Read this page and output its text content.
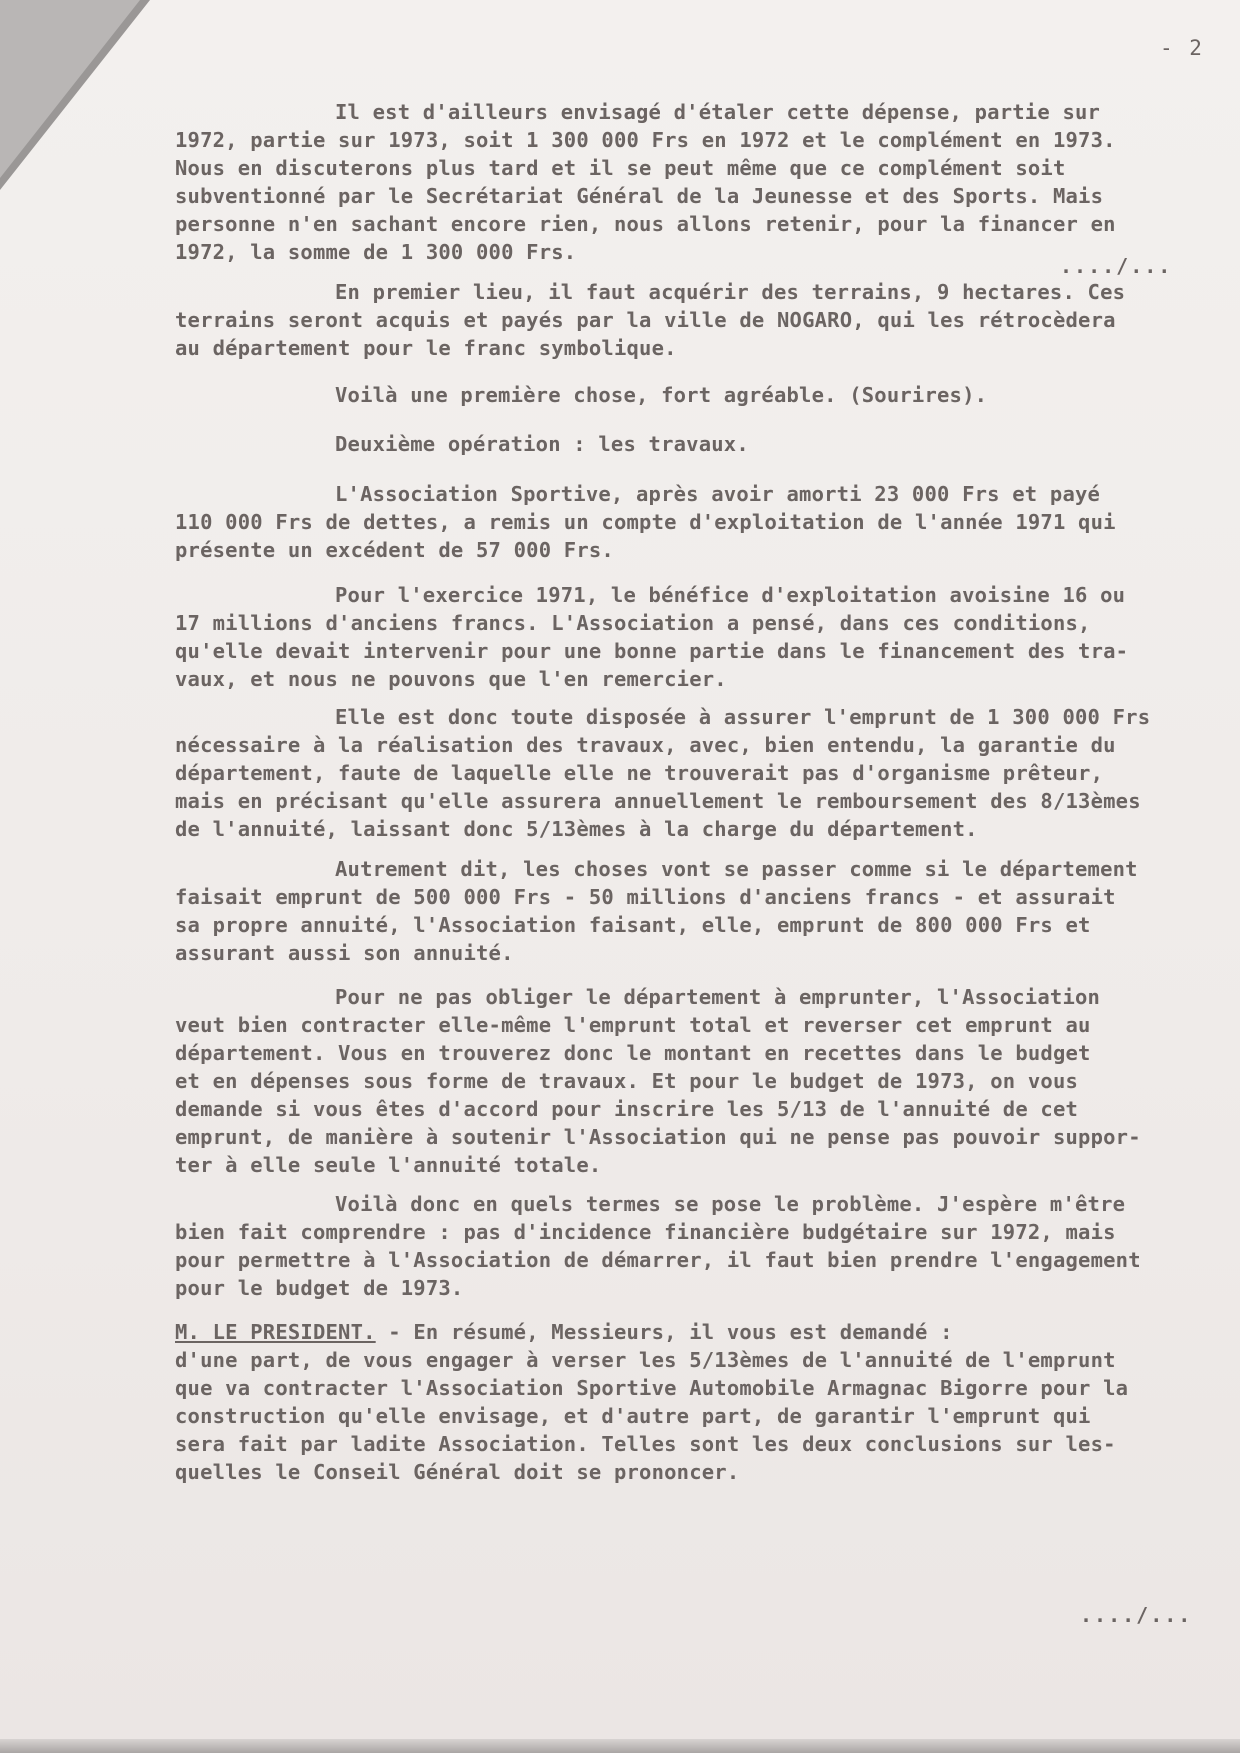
- 2
Il est d'ailleurs envisagé d'étaler cette dépense, partie sur
1972, partie sur 1973, soit 1 300 000 Frs en 1972 et le complément en 1973.
Nous en discuterons plus tard et il se peut même que ce complément soit
subventionné par le Secrétariat Général de la Jeunesse et des Sports. Mais
personne n'en sachant encore rien, nous allons retenir, pour la financer en
1972, la somme de 1 300 000 Frs.
..../...
En premier lieu, il faut acquérir des terrains, 9 hectares. Ces
terrains seront acquis et payés par la ville de NOGARO, qui les rétrocèdera
au département pour le franc symbolique.
Voilà une première chose, fort agréable. (Sourires).
Deuxième opération : les travaux.
L'Association Sportive, après avoir amorti 23 000 Frs et payé
110 000 Frs de dettes, a remis un compte d'exploitation de l'année 1971 qui
présente un excédent de 57 000 Frs.
Pour l'exercice 1971, le bénéfice d'exploitation avoisine 16 ou
17 millions d'anciens francs. L'Association a pensé, dans ces conditions,
qu'elle devait intervenir pour une bonne partie dans le financement des tra-
vaux, et nous ne pouvons que l'en remercier.
Elle est donc toute disposée à assurer l'emprunt de 1 300 000 Frs
nécessaire à la réalisation des travaux, avec, bien entendu, la garantie du
département, faute de laquelle elle ne trouverait pas d'organisme prêteur,
mais en précisant qu'elle assurera annuellement le remboursement des 8/13èmes
de l'annuité, laissant donc 5/13èmes à la charge du département.
Autrement dit, les choses vont se passer comme si le département
faisait emprunt de 500 000 Frs - 50 millions d'anciens francs - et assurait
sa propre annuité, l'Association faisant, elle, emprunt de 800 000 Frs et
assurant aussi son annuité.
Pour ne pas obliger le département à emprunter, l'Association
veut bien contracter elle-même l'emprunt total et reverser cet emprunt au
département. Vous en trouverez donc le montant en recettes dans le budget
et en dépenses sous forme de travaux. Et pour le budget de 1973, on vous
demande si vous êtes d'accord pour inscrire les 5/13 de l'annuité de cet
emprunt, de manière à soutenir l'Association qui ne pense pas pouvoir suppor-
ter à elle seule l'annuité totale.
Voilà donc en quels termes se pose le problème. J'espère m'être
bien fait comprendre : pas d'incidence financière budgétaire sur 1972, mais
pour permettre à l'Association de démarrer, il faut bien prendre l'engagement
pour le budget de 1973.
M. LE PRESIDENT. - En résumé, Messieurs, il vous est demandé :
d'une part, de vous engager à verser les 5/13èmes de l'annuité de l'emprunt
que va contracter l'Association Sportive Automobile Armagnac Bigorre pour la
construction qu'elle envisage, et d'autre part, de garantir l'emprunt qui
sera fait par ladite Association. Telles sont les deux conclusions sur les-
quelles le Conseil Général doit se prononcer.
..../...
